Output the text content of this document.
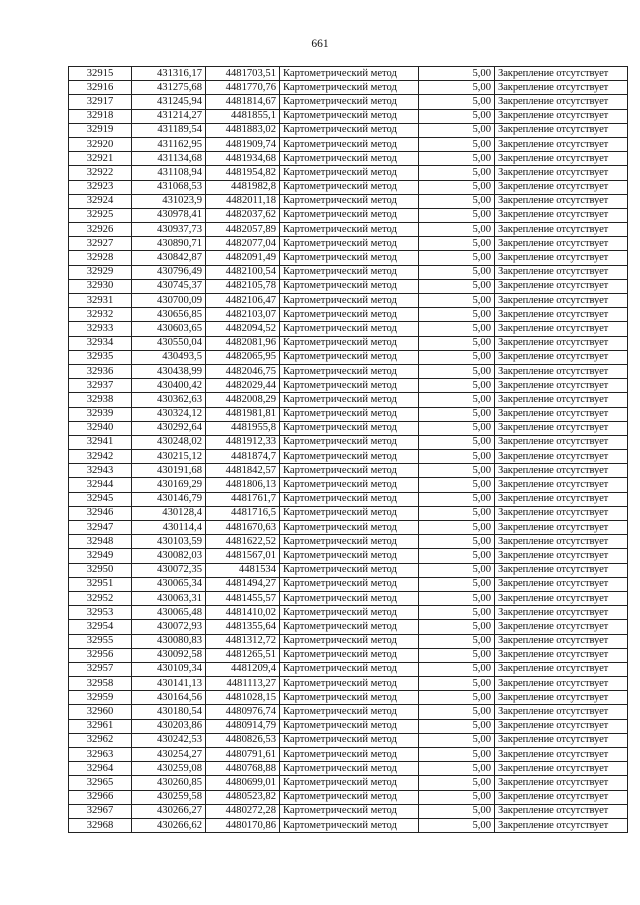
661
32915	431316,17	4481703,51	Картометрический метод	5,00	Закрепление отсутствует
32916	431275,68	4481770,76	Картометрический метод	5,00	Закрепление отсутствует
32917	431245,94	4481814,67	Картометрический метод	5,00	Закрепление отсутствует
32918	431214,27	4481855,1	Картометрический метод	5,00	Закрепление отсутствует
32919	431189,54	4481883,02	Картометрический метод	5,00	Закрепление отсутствует
32920	431162,95	4481909,74	Картометрический метод	5,00	Закрепление отсутствует
32921	431134,68	4481934,68	Картометрический метод	5,00	Закрепление отсутствует
32922	431108,94	4481954,82	Картометрический метод	5,00	Закрепление отсутствует
32923	431068,53	4481982,8	Картометрический метод	5,00	Закрепление отсутствует
32924	431023,9	4482011,18	Картометрический метод	5,00	Закрепление отсутствует
32925	430978,41	4482037,62	Картометрический метод	5,00	Закрепление отсутствует
32926	430937,73	4482057,89	Картометрический метод	5,00	Закрепление отсутствует
32927	430890,71	4482077,04	Картометрический метод	5,00	Закрепление отсутствует
32928	430842,87	4482091,49	Картометрический метод	5,00	Закрепление отсутствует
32929	430796,49	4482100,54	Картометрический метод	5,00	Закрепление отсутствует
32930	430745,37	4482105,78	Картометрический метод	5,00	Закрепление отсутствует
32931	430700,09	4482106,47	Картометрический метод	5,00	Закрепление отсутствует
32932	430656,85	4482103,07	Картометрический метод	5,00	Закрепление отсутствует
32933	430603,65	4482094,52	Картометрический метод	5,00	Закрепление отсутствует
32934	430550,04	4482081,96	Картометрический метод	5,00	Закрепление отсутствует
32935	430493,5	4482065,95	Картометрический метод	5,00	Закрепление отсутствует
32936	430438,99	4482046,75	Картометрический метод	5,00	Закрепление отсутствует
32937	430400,42	4482029,44	Картометрический метод	5,00	Закрепление отсутствует
32938	430362,63	4482008,29	Картометрический метод	5,00	Закрепление отсутствует
32939	430324,12	4481981,81	Картометрический метод	5,00	Закрепление отсутствует
32940	430292,64	4481955,8	Картометрический метод	5,00	Закрепление отсутствует
32941	430248,02	4481912,33	Картометрический метод	5,00	Закрепление отсутствует
32942	430215,12	4481874,7	Картометрический метод	5,00	Закрепление отсутствует
32943	430191,68	4481842,57	Картометрический метод	5,00	Закрепление отсутствует
32944	430169,29	4481806,13	Картометрический метод	5,00	Закрепление отсутствует
32945	430146,79	4481761,7	Картометрический метод	5,00	Закрепление отсутствует
32946	430128,4	4481716,5	Картометрический метод	5,00	Закрепление отсутствует
32947	430114,4	4481670,63	Картометрический метод	5,00	Закрепление отсутствует
32948	430103,59	4481622,52	Картометрический метод	5,00	Закрепление отсутствует
32949	430082,03	4481567,01	Картометрический метод	5,00	Закрепление отсутствует
32950	430072,35	4481534	Картометрический метод	5,00	Закрепление отсутствует
32951	430065,34	4481494,27	Картометрический метод	5,00	Закрепление отсутствует
32952	430063,31	4481455,57	Картометрический метод	5,00	Закрепление отсутствует
32953	430065,48	4481410,02	Картометрический метод	5,00	Закрепление отсутствует
32954	430072,93	4481355,64	Картометрический метод	5,00	Закрепление отсутствует
32955	430080,83	4481312,72	Картометрический метод	5,00	Закрепление отсутствует
32956	430092,58	4481265,51	Картометрический метод	5,00	Закрепление отсутствует
32957	430109,34	4481209,4	Картометрический метод	5,00	Закрепление отсутствует
32958	430141,13	4481113,27	Картометрический метод	5,00	Закрепление отсутствует
32959	430164,56	4481028,15	Картометрический метод	5,00	Закрепление отсутствует
32960	430180,54	4480976,74	Картометрический метод	5,00	Закрепление отсутствует
32961	430203,86	4480914,79	Картометрический метод	5,00	Закрепление отсутствует
32962	430242,53	4480826,53	Картометрический метод	5,00	Закрепление отсутствует
32963	430254,27	4480791,61	Картометрический метод	5,00	Закрепление отсутствует
32964	430259,08	4480768,88	Картометрический метод	5,00	Закрепление отсутствует
32965	430260,85	4480699,01	Картометрический метод	5,00	Закрепление отсутствует
32966	430259,58	4480523,82	Картометрический метод	5,00	Закрепление отсутствует
32967	430266,27	4480272,28	Картометрический метод	5,00	Закрепление отсутствует
32968	430266,62	4480170,86	Картометрический метод	5,00	Закрепление отсутствует
